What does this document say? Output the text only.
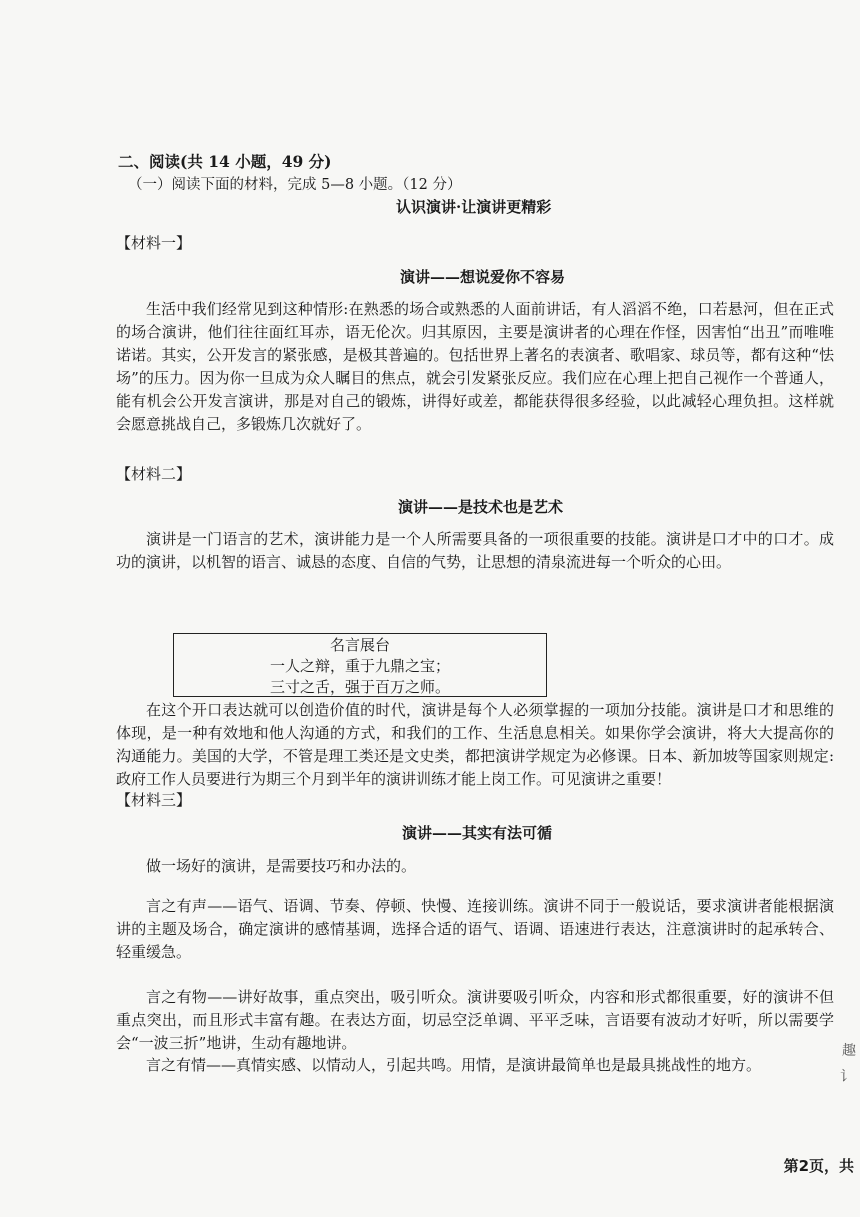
二、阅读(共 14 小题，49 分)

（一）阅读下面的材料，完成 5—8 小题。（12 分）

认识演讲·让演讲更精彩

【材料一】

演讲——想说爱你不容易

生活中我们经常见到这种情形:在熟悉的场合或熟悉的人面前讲话，有人滔滔不绝，口若悬河，但在正式的场合演讲，他们往往面红耳赤，语无伦次。归其原因，主要是演讲者的心理在作怪，因害怕“出丑”而唯唯诺诺。其实，公开发言的紧张感，是极其普遍的。包括世界上著名的表演者、歌唱家、球员等，都有这种“怯场”的压力。因为你一旦成为众人瞩目的焦点，就会引发紧张反应。我们应在心理上把自己视作一个普通人，能有机会公开发言演讲，那是对自己的锻炼，讲得好或差，都能获得很多经验，以此减轻心理负担。这样就会愿意挑战自己，多锻炼几次就好了。

【材料二】

演讲——是技术也是艺术

演讲是一门语言的艺术，演讲能力是一个人所需要具备的一项很重要的技能。演讲是口才中的口才。成功的演讲，以机智的语言、诚恳的态度、自信的气势，让思想的清泉流进每一个听众的心田。

名言展台
一人之辩，重于九鼎之宝；
三寸之舌，强于百万之师。

在这个开口表达就可以创造价值的时代，演讲是每个人必须掌握的一项加分技能。演讲是口才和思维的体现，是一种有效地和他人沟通的方式，和我们的工作、生活息息相关。如果你学会演讲，将大大提高你的沟通能力。美国的大学，不管是理工类还是文史类，都把演讲学规定为必修课。日本、新加坡等国家则规定:政府工作人员要进行为期三个月到半年的演讲训练才能上岗工作。可见演讲之重要！

【材料三】

演讲——其实有法可循

做一场好的演讲，是需要技巧和办法的。

言之有声——语气、语调、节奏、停顿、快慢、连接训练。演讲不同于一般说话，要求演讲者能根据演讲的主题及场合，确定演讲的感情基调，选择合适的语气、语调、语速进行表达，注意演讲时的起承转合、轻重缓急。

言之有物——讲好故事，重点突出，吸引听众。演讲要吸引听众，内容和形式都很重要，好的演讲不但重点突出，而且形式丰富有趣。在表达方面，切忌空泛单调、平平乏味，言语要有波动才好听，所以需要学会“一波三折”地讲，生动有趣地讲。

言之有情——真情实感、以情动人，引起共鸣。用情，是演讲最简单也是最具挑战性的地方。

趣
讠

第2页，共
